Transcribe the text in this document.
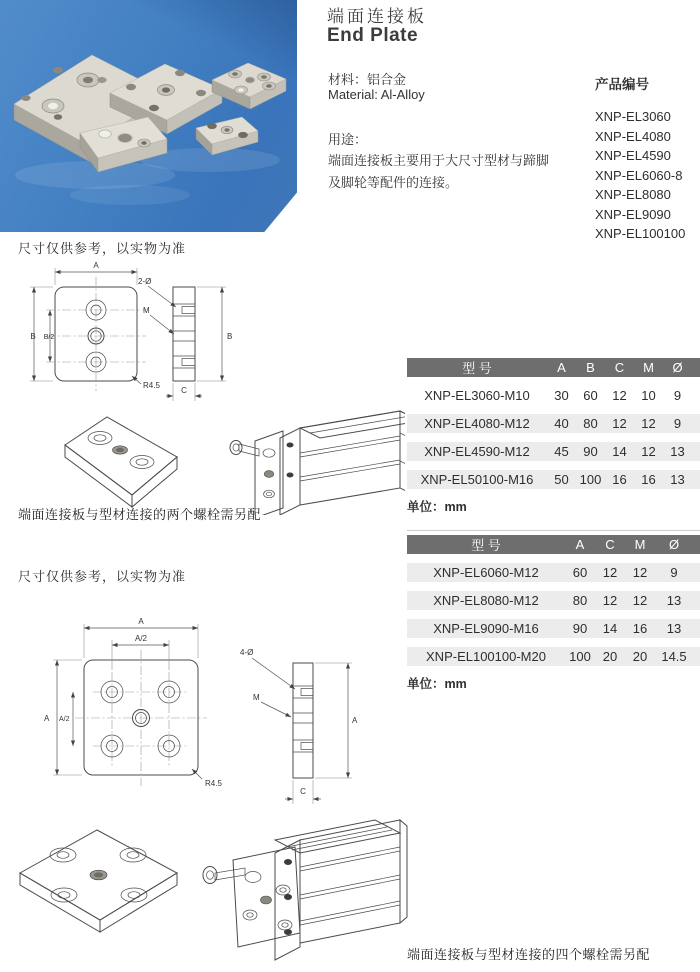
端面连接板
End Plate
材料：铝合金
Material: Al-Alloy
产品编号
XNP-EL3060
XNP-EL4080
XNP-EL4590
XNP-EL6060-8
XNP-EL8080
XNP-EL9090
XNP-EL100100
用途：
端面连接板主要用于大尺寸型材与蹄脚
及脚轮等配件的连接。
尺寸仅供参考，以实物为准
端面连接板与型材连接的两个螺栓需另配
尺寸仅供参考，以实物为准
端面连接板与型材连接的四个螺栓需另配
A
B B/2
R4.5
2-Ø
M
B
C
型 号	A	B	C	M	Ø
XNP-EL3060-M10	30	60	12	10	9
XNP-EL4080-M12	40	80	12	12	9
XNP-EL4590-M12	45	90	14	12	13
XNP-EL50100-M16	50 100 16	16	13
单位：mm
型 号	A	C	M	Ø
XNP-EL6060-M12	60	12	12	9
XNP-EL8080-M12	80	12	12	13
XNP-EL9090-M16	90	14	16	13
XNP-EL100100-M20	100 20	20	14.5
单位：mm
A
A/2
A A/2
R4.5
4-Ø
M
A
C
